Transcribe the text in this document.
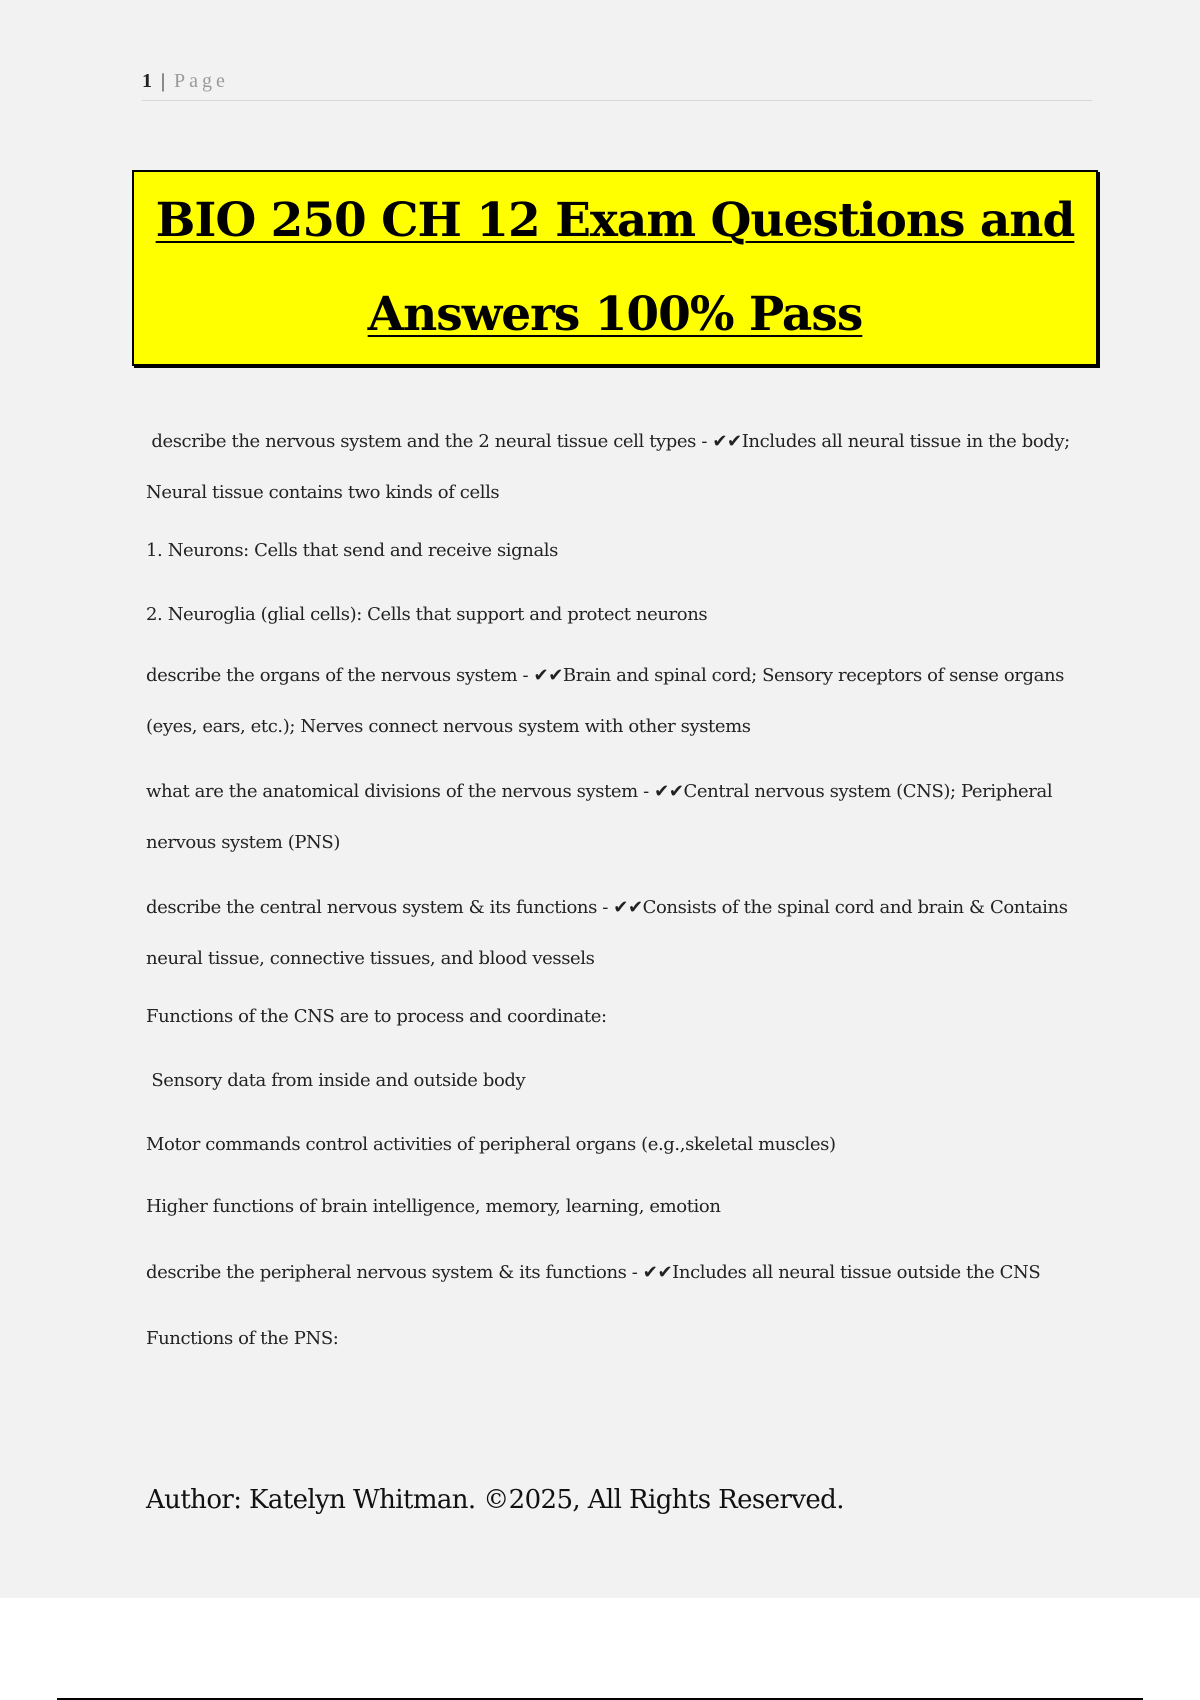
1 | Page
BIO 250 CH 12 Exam Questions and
Answers 100% Pass
describe the nervous system and the 2 neural tissue cell types - ✔✔Includes all neural tissue in the body; Neural tissue contains two kinds of cells
1. Neurons: Cells that send and receive signals
2. Neuroglia (glial cells): Cells that support and protect neurons
describe the organs of the nervous system - ✔✔Brain and spinal cord; Sensory receptors of sense organs (eyes, ears, etc.); Nerves connect nervous system with other systems
what are the anatomical divisions of the nervous system - ✔✔Central nervous system (CNS); Peripheral nervous system (PNS)
describe the central nervous system & its functions - ✔✔Consists of the spinal cord and brain & Contains neural tissue, connective tissues, and blood vessels
Functions of the CNS are to process and coordinate:
Sensory data from inside and outside body
Motor commands control activities of peripheral organs (e.g.,skeletal muscles)
Higher functions of brain intelligence, memory, learning, emotion
describe the peripheral nervous system & its functions - ✔✔Includes all neural tissue outside the CNS
Functions of the PNS:
Author: Katelyn Whitman. ©2025, All Rights Reserved.
